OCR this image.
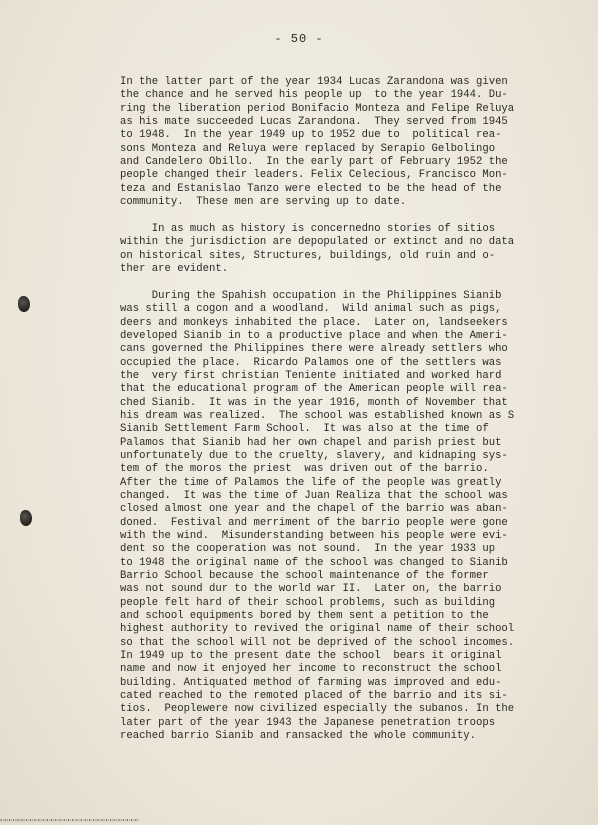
- 50 -
In the latter part of the year 1934 Lucas Zarandona was given
the chance and he served his people up  to the year 1944. Du-
ring the liberation period Bonifacio Monteza and Felipe Reluya
as his mate succeeded Lucas Zarandona.  They served from 1945
to 1948.  In the year 1949 up to 1952 due to  political rea-
sons Monteza and Reluya were replaced by Serapio Gelbolingo
and Candelero Obillo.  In the early part of February 1952 the
people changed their leaders. Felix Celecious, Francisco Mon-
teza and Estanislao Tanzo were elected to be the head of the
community.  These men are serving up to date.
In as much as history is concernedno stories of sitios
within the jurisdiction are depopulated or extinct and no data
on historical sites, Structures, buildings, old ruin and o-
ther are evident.
During the Spahish occupation in the Philippines Sianib
was still a cogon and a woodland.  Wild animal such as pigs,
deers and monkeys inhabited the place.  Later on, landseekers
developed Sianib in to a productive place and when the Ameri-
cans governed the Philippines there were already settlers who
occupied the place.  Ricardo Palamos one of the settlers was
the  very first christian Teniente initiated and worked hard
that the educational program of the American people will rea-
ched Sianib.  It was in the year 1916, month of November that
his dream was realized.  The school was established known as S
Sianib Settlement Farm School.  It was also at the time of
Palamos that Sianib had her own chapel and parish priest but
unfortunately due to the cruelty, slavery, and kidnaping sys-
tem of the moros the priest  was driven out of the barrio.
After the time of Palamos the life of the people was greatly
changed.  It was the time of Juan Realiza that the school was
closed almost one year and the chapel of the barrio was aban-
doned.  Festival and merriment of the barrio people were gone
with the wind.  Misunderstanding between his people were evi-
dent so the cooperation was not sound.  In the year 1933 up
to 1948 the original name of the school was changed to Sianib
Barrio School because the school maintenance of the former
was not sound dur to the world war II.  Later on, the barrio
people felt hard of their school problems, such as building
and school equipments bored by them sent a petition to the
highest authority to revived the original name of their school
so that the school will not be deprived of the school incomes.
In 1949 up to the present date the school  bears it original
name and now it enjoyed her income to reconstruct the school
building. Antiquated method of farming was improved and edu-
cated reached to the remoted placed of the barrio and its si-
tios.  Peoplewere now civilized especially the subanos. In the
later part of the year 1943 the Japanese penetration troops
reached barrio Sianib and ransacked the whole community.
▮▯▮▯▮▯▮▯▮▯▮▯▮▯▮▯▮▯▮▯▮▯▮▯▮▯▮▯▮▯▮▯▮▯▮▯▮▯▮▯▮▯▮▯▮▯▮▯▮▯▮▯▮▯▮▯▮▯▮▯▮▯▮▯▮▯
